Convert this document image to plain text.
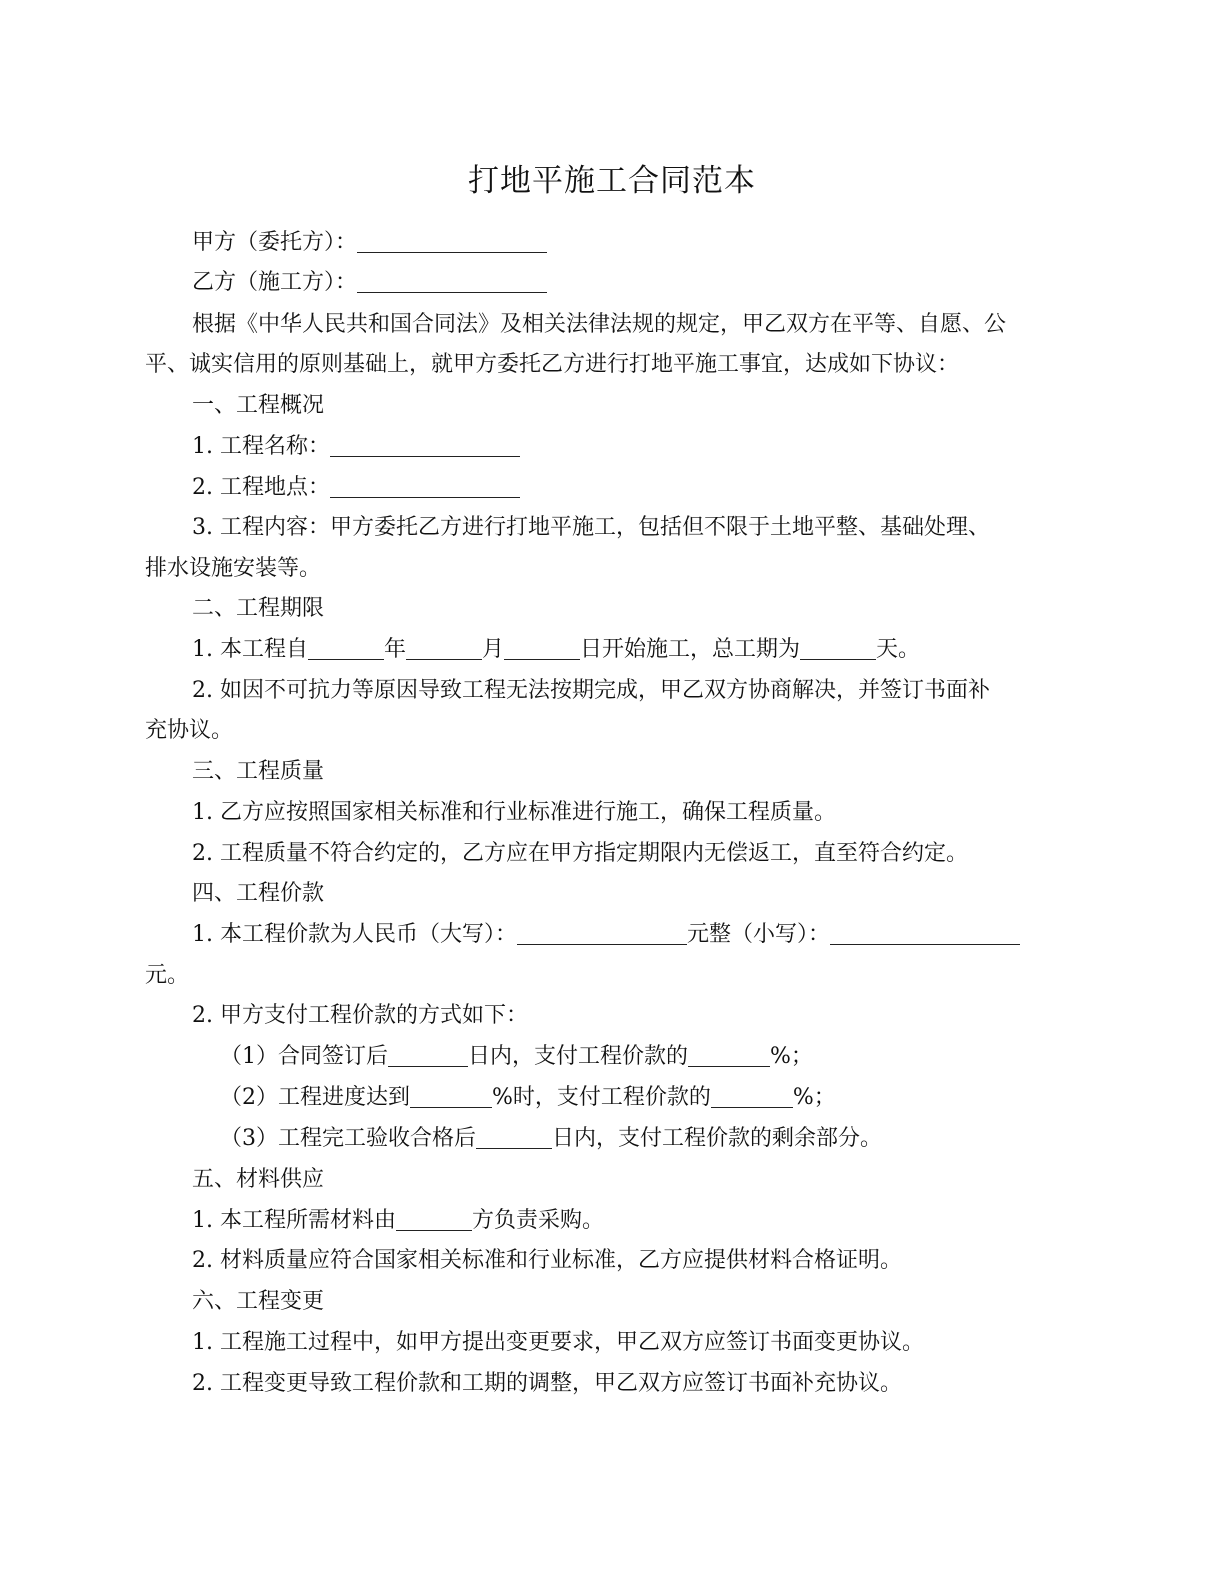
打地平施工合同范本
甲方（委托方）：
乙方（施工方）：
根据《中华人民共和国合同法》及相关法律法规的规定，甲乙双方在平等、自愿、公
平、诚实信用的原则基础上，就甲方委托乙方进行打地平施工事宜，达成如下协议：
一、工程概况
1. 工程名称：
2. 工程地点：
3. 工程内容：甲方委托乙方进行打地平施工，包括但不限于土地平整、基础处理、
排水设施安装等。
二、工程期限
1. 本工程自	年	月	日开始施工，总工期为	天。
2. 如因不可抗力等原因导致工程无法按期完成，甲乙双方协商解决，并签订书面补
充协议。
三、工程质量
1. 乙方应按照国家相关标准和行业标准进行施工，确保工程质量。
2. 工程质量不符合约定的，乙方应在甲方指定期限内无偿返工，直至符合约定。
四、工程价款
1. 本工程价款为人民币（大写）：	元整（小写）：
元。
2. 甲方支付工程价款的方式如下：
（1）合同签订后	日内，支付工程价款的	%；
（2）工程进度达到	%时，支付工程价款的	%；
（3）工程完工验收合格后	日内，支付工程价款的剩余部分。
五、材料供应
1. 本工程所需材料由	方负责采购。
2. 材料质量应符合国家相关标准和行业标准，乙方应提供材料合格证明。
六、工程变更
1. 工程施工过程中，如甲方提出变更要求，甲乙双方应签订书面变更协议。
2. 工程变更导致工程价款和工期的调整，甲乙双方应签订书面补充协议。
